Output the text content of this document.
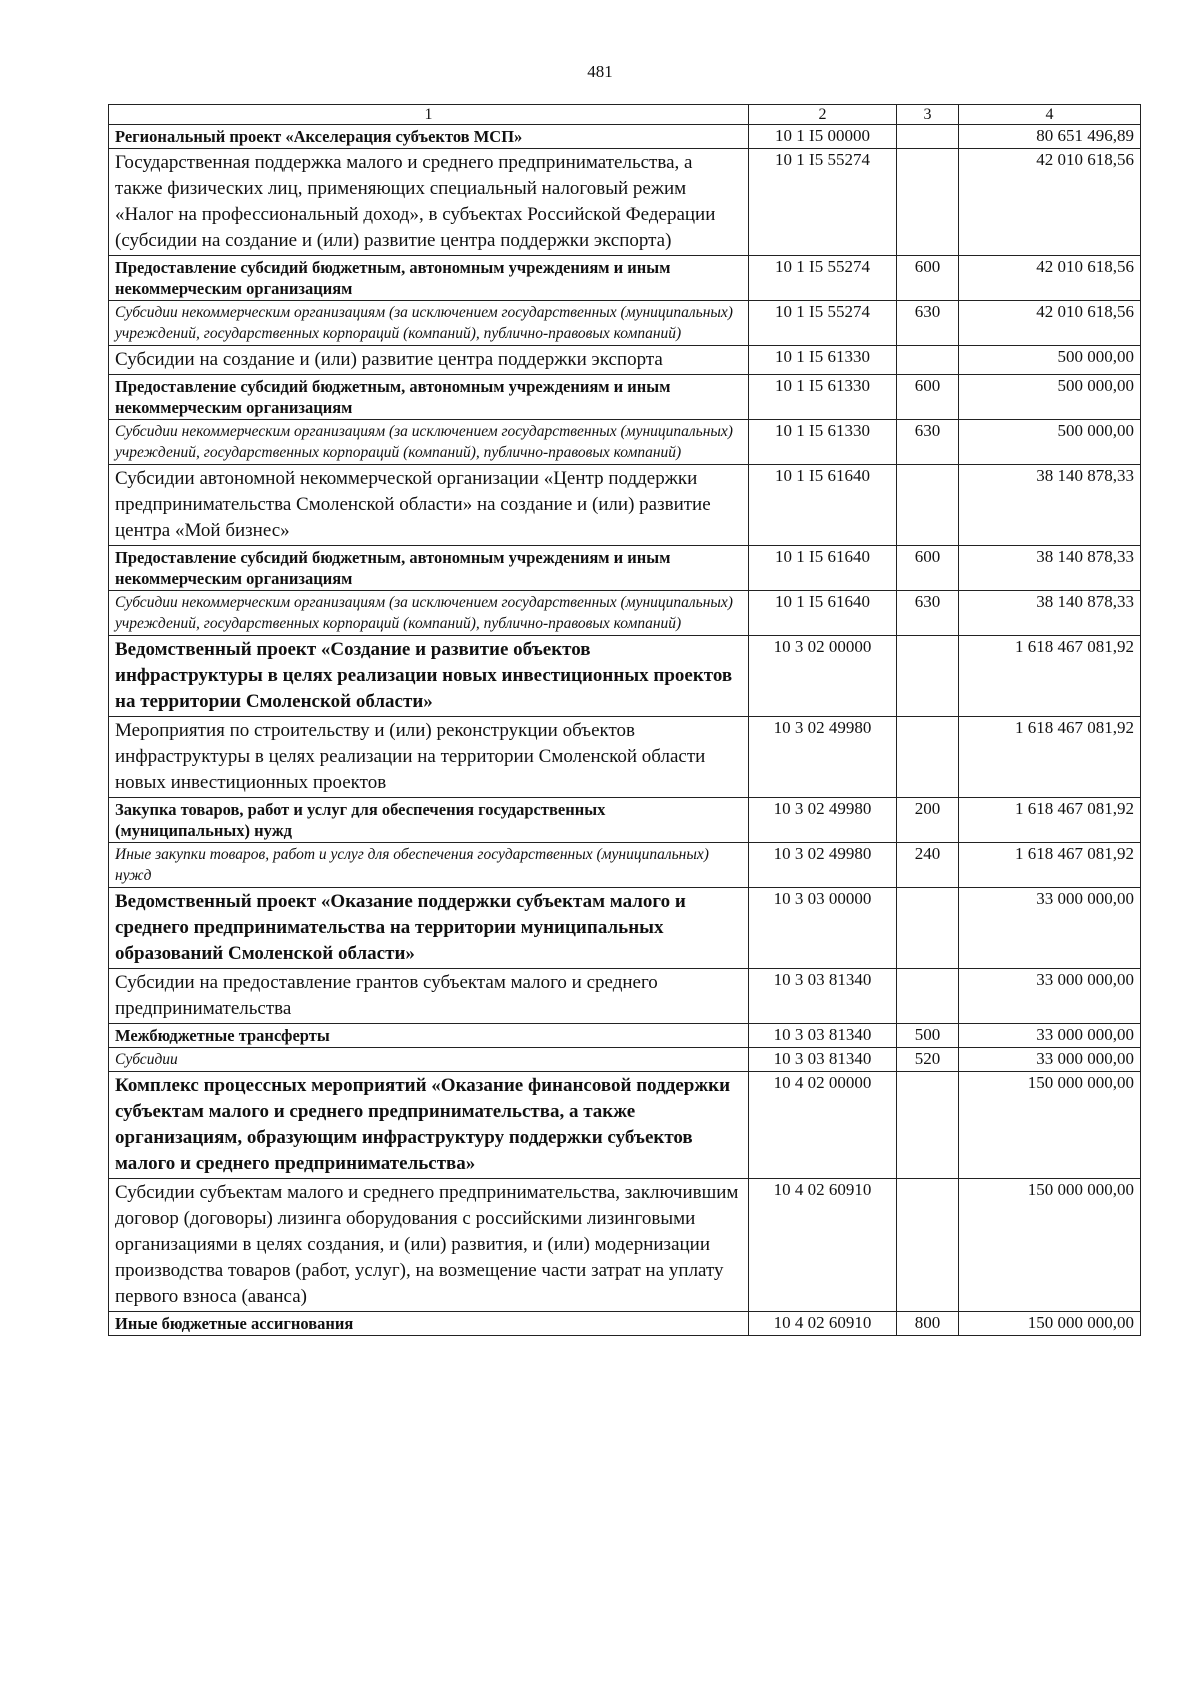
481
1	2	3	4
Региональный проект «Акселерация субъектов МСП»	10 1 I5 00000		80 651 496,89
Государственная поддержка малого и среднего предпринимательства, а также физических лиц, применяющих специальный налоговый режим «Налог на профессиональный доход», в субъектах Российской Федерации (субсидии на создание и (или) развитие центра поддержки экспорта)	10 1 I5 55274		42 010 618,56
Предоставление субсидий бюджетным, автономным учреждениям и иным некоммерческим организациям	10 1 I5 55274	600	42 010 618,56
Субсидии некоммерческим организациям (за исключением государственных (муниципальных) учреждений, государственных корпораций (компаний), публично-правовых компаний)	10 1 I5 55274	630	42 010 618,56
Субсидии на создание и (или) развитие центра поддержки экспорта	10 1 I5 61330		500 000,00
Предоставление субсидий бюджетным, автономным учреждениям и иным некоммерческим организациям	10 1 I5 61330	600	500 000,00
Субсидии некоммерческим организациям (за исключением государственных (муниципальных) учреждений, государственных корпораций (компаний), публично-правовых компаний)	10 1 I5 61330	630	500 000,00
Субсидии автономной некоммерческой организации «Центр поддержки предпринимательства Смоленской области» на создание и (или) развитие центра «Мой бизнес»	10 1 I5 61640		38 140 878,33
Предоставление субсидий бюджетным, автономным учреждениям и иным некоммерческим организациям	10 1 I5 61640	600	38 140 878,33
Субсидии некоммерческим организациям (за исключением государственных (муниципальных) учреждений, государственных корпораций (компаний), публично-правовых компаний)	10 1 I5 61640	630	38 140 878,33
Ведомственный проект «Создание и развитие объектов инфраструктуры в целях реализации новых инвестиционных проектов на территории Смоленской области»	10 3 02 00000		1 618 467 081,92
Мероприятия по строительству и (или) реконструкции объектов инфраструктуры в целях реализации на территории Смоленской области новых инвестиционных проектов	10 3 02 49980		1 618 467 081,92
Закупка товаров, работ и услуг для обеспечения государственных (муниципальных) нужд	10 3 02 49980	200	1 618 467 081,92
Иные закупки товаров, работ и услуг для обеспечения государственных (муниципальных) нужд	10 3 02 49980	240	1 618 467 081,92
Ведомственный проект «Оказание поддержки субъектам малого и среднего предпринимательства на территории муниципальных образований Смоленской области»	10 3 03 00000		33 000 000,00
Субсидии на предоставление грантов субъектам малого и среднего предпринимательства	10 3 03 81340		33 000 000,00
Межбюджетные трансферты	10 3 03 81340	500	33 000 000,00
Субсидии	10 3 03 81340	520	33 000 000,00
Комплекс процессных мероприятий «Оказание финансовой поддержки субъектам малого и среднего предпринимательства, а также организациям, образующим инфраструктуру поддержки субъектов малого и среднего предпринимательства»	10 4 02 00000		150 000 000,00
Субсидии субъектам малого и среднего предпринимательства, заключившим договор (договоры) лизинга оборудования с российскими лизинговыми организациями в целях создания, и (или) развития, и (или) модернизации производства товаров (работ, услуг), на возмещение части затрат на уплату первого взноса (аванса)	10 4 02 60910		150 000 000,00
Иные бюджетные ассигнования	10 4 02 60910	800	150 000 000,00
